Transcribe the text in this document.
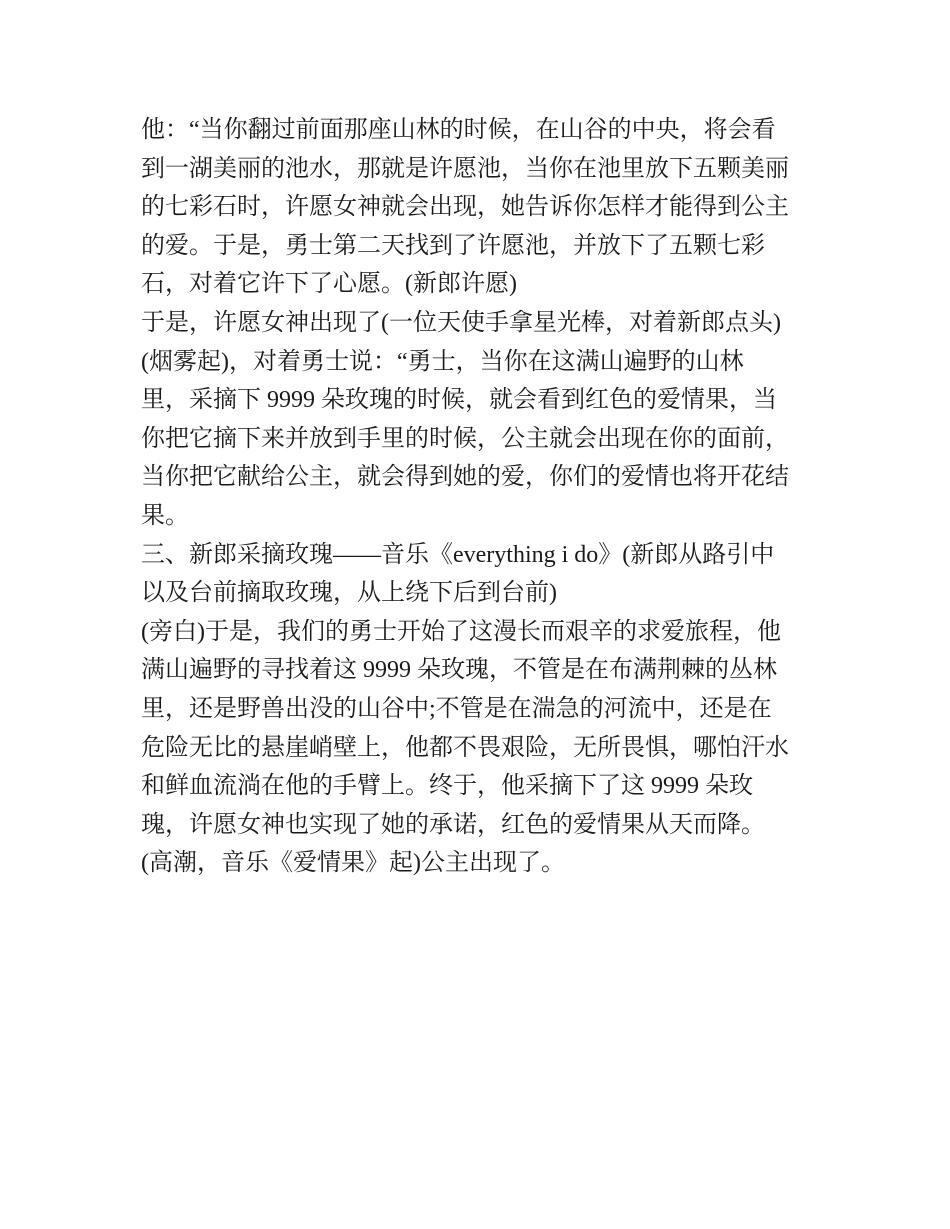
他：“当你翻过前面那座山林的时候，在山谷的中央，将会看
到一湖美丽的池水，那就是许愿池，当你在池里放下五颗美丽
的七彩石时，许愿女神就会出现，她告诉你怎样才能得到公主
的爱。于是，勇士第二天找到了许愿池，并放下了五颗七彩
石，对着它许下了心愿。(新郎许愿)
于是，许愿女神出现了(一位天使手拿星光棒，对着新郎点头)
(烟雾起)，对着勇士说：“勇士，当你在这满山遍野的山林
里，采摘下 9999 朵玫瑰的时候，就会看到红色的爱情果，当
你把它摘下来并放到手里的时候，公主就会出现在你的面前，
当你把它献给公主，就会得到她的爱，你们的爱情也将开花结
果。
三、新郎采摘玫瑰——音乐《everything i do》(新郎从路引中
以及台前摘取玫瑰，从上绕下后到台前)
(旁白)于是，我们的勇士开始了这漫长而艰辛的求爱旅程，他
满山遍野的寻找着这 9999 朵玫瑰，不管是在布满荆棘的丛林
里，还是野兽出没的山谷中;不管是在湍急的河流中，还是在
危险无比的悬崖峭壁上，他都不畏艰险，无所畏惧，哪怕汗水
和鲜血流淌在他的手臂上。终于，他采摘下了这 9999 朵玫
瑰，许愿女神也实现了她的承诺，红色的爱情果从天而降。
(高潮，音乐《爱情果》起)公主出现了。
